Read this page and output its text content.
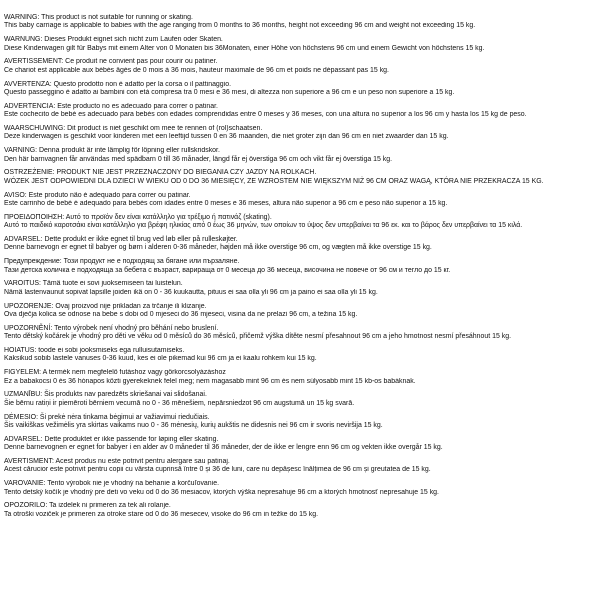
WARNING: This product is not suitable for running or skating.
This baby carriage is applicable to babies with the age ranging from 0 months to 36 months, height not exceeding 96 cm and weight not exceeding 15 kg.
WARNUNG: Dieses Produkt eignet sich nicht zum Laufen oder Skaten.
Diese Kinderwagen gilt für Babys mit einem Alter von 0 Monaten bis 36Monaten, einer Höhe von höchstens 96 cm und einem Gewicht von höchstens 15 kg.
AVERTISSEMENT: Ce produit ne convient pas pour courir ou patiner.
Ce chariot est applicable aux bébés âgés de 0 mois à 36 mois, hauteur maximale de 96 cm et poids ne dépassant pas 15 kg.
AVVERTENZA: Questo prodotto non è adatto per la corsa o il pattinaggio.
Questo passeggino è adatto ai bambini con età compresa tra 0 mesi e 36 mesi, di altezza non superiore a 96 cm e un peso non superiore a 15 kg.
ADVERTENCIA: Este producto no es adecuado para correr o patinar.
Este cochecito de bebé es adecuado para bebés con edades comprendidas entre 0 meses y 36 meses, con una altura no superior a los 96 cm y hasta los 15 kg de peso.
WAARSCHUWING: Dit product is niet geschikt om mee te rennen of (rol)schaatsen.
Deze kinderwagen is geschikt voor kinderen met een leeftijd tussen 0 en 36 maanden, die niet groter zijn dan 96 cm en niet zwaarder dan 15 kg.
VARNING: Denna produkt är inte lämplig för löpning eller rullskridskor.
Den här barnvagnen får användas med spädbarn 0 till 36 månader, längd får ej överstiga 96 cm och vikt får ej överstiga 15 kg.
OSTRZEŻENIE: PRODUKT NIE JEST PRZEZNACZONY DO BIEGANIA CZY JAZDY NA ROLKACH.
WÓZEK JEST ODPOWIEDNI DLA DZIECI W WIEKU OD 0 DO 36 MIESIĘCY, ZE WZROSTEM NIE WIĘKSZYM NIŻ 96 CM ORAZ WAGĄ, KTÓRA NIE PRZEKRACZA 15 KG.
AVISO: Este produto não é adequado para correr ou patinar.
Este carrinho de bebé é adequado para bebés com idades entre 0 meses e 36 meses, altura não superior a 96 cm e peso não superior a 15 kg.
ΠΡΟΕΙΔΟΠΟΙΗΣΗ: Αυτό το προϊόν δεν είναι κατάλληλο για τρέξιμο ή πατινάζ (skating).
Αυτό το παιδικό καροτσάκι είναι κατάλληλο για βρέφη ηλικίας από 0 έως 36 μηνών, των οποίων το ύψος δεν υπερβαίνει τα 96 εκ. και το βάρος δεν υπερβαίνει τα 15 κιλά.
ADVARSEL: Dette produkt er ikke egnet til brug ved løb eller på rulleskøjter.
Denne barnevogn er egnet til babyer og børn i alderen 0-36 måneder, højden må ikke overstige 96 cm, og vægten må ikke overstige 15 kg.
Предупреждение: Този продукт не е подходящ за бягане или пързаляне.
Тази детска количка е подходяща за бебета с възраст, варираща от 0 месеца до 36 месеца, височина не повече от 96 см и тегло до 15 кг.
VAROITUS: Tämä tuote ei sovi juoksemiseen tai luistelun.
Nämä lastenvaunut sopivat lapsille joiden ikä on 0 - 36 kuukautta, pituus ei saa olla yli 96 cm ja paino ei saa olla yli 15 kg.
UPOZORENJE: Ovaj proizvod nije prikladan za trčanje ili klizanje.
Ova dječja kolica se odnose na bebe s dobi od 0 mjeseci do 36 mjeseci, visina da ne prelazi 96 cm, a težina 15 kg.
UPOZORNĚNÍ: Tento výrobek není vhodný pro běhání nebo bruslení.
Tento dětský kočárek je vhodný pro děti ve věku od 0 měsíců do 36 měsíců, přičemž výška dítěte nesmí přesahnout 96 cm a jeho hmotnost nesmí přesáhnout 15 kg.
HOIATUS: toode ei sobi jooksmiseks ega rulluisutamiseks.
Kaksikud sobib lastele vanuses 0-36 kuud, kes ei ole pikemad kui 96 cm ja ei kaalu rohkem kui 15 kg.
FIGYELEM: A termék nem megfelelő futáshoz vagy görkorcsolyázáshoz
Ez a babakocsi 0 és 36 hónapos közti gyerekeknek felel meg; nem magasabb mint 96 cm és nem súlyosabb mint 15 kb-os babáknak.
UZMANĪBU: Šis produkts nav paredzēts skriešanai vai slidošanai.
Šie bērnu ratiņi ir piemēroti bērniem vecumā no 0 - 36 mēnešiem, nepārsniedzot 96 cm augstumā un 15 kg svarā.
DĖMESIO: Ši prekė nėra tinkama bėgimui ar važiavimui riedučiais.
Šis vaikiškas vežimėlis yra skirtas vaikams nuo 0 - 36 mėnesių, kurių aukštis ne didesnis nei 96 cm ir svoris neviršija 15 kg.
ADVARSEL: Dette produktet er ikke passende for løping eller skating.
Denne barnevognen er egnet for babyer i en alder av 0 måneder til 36 måneder, der de ikke er lengre enn 96 cm og vekten ikke overgår 15 kg.
AVERTISMENT: Acest produs nu este potrivit pentru alergare sau patinaj.
Acest cărucior este potrivit pentru copii cu vârsta cuprinsă între 0 și 36 de luni, care nu depășesc înălțimea de 96 cm și greutatea de 15 kg.
VAROVANIE: Tento výrobok nie je vhodný na behanie a korčuľovanie.
Tento detský kočík je vhodný pre deti vo veku od 0 do 36 mesiacov, ktorých výška nepresahuje 96 cm a ktorých hmotnosť nepresahuje 15 kg.
OPOZORILO: Ta izdelek ni primeren za tek ali rolanje.
Ta otroški voziček je primeren za otroke stare od 0 do 36 mesecev, visoke do 96 cm in težke do 15 kg.
